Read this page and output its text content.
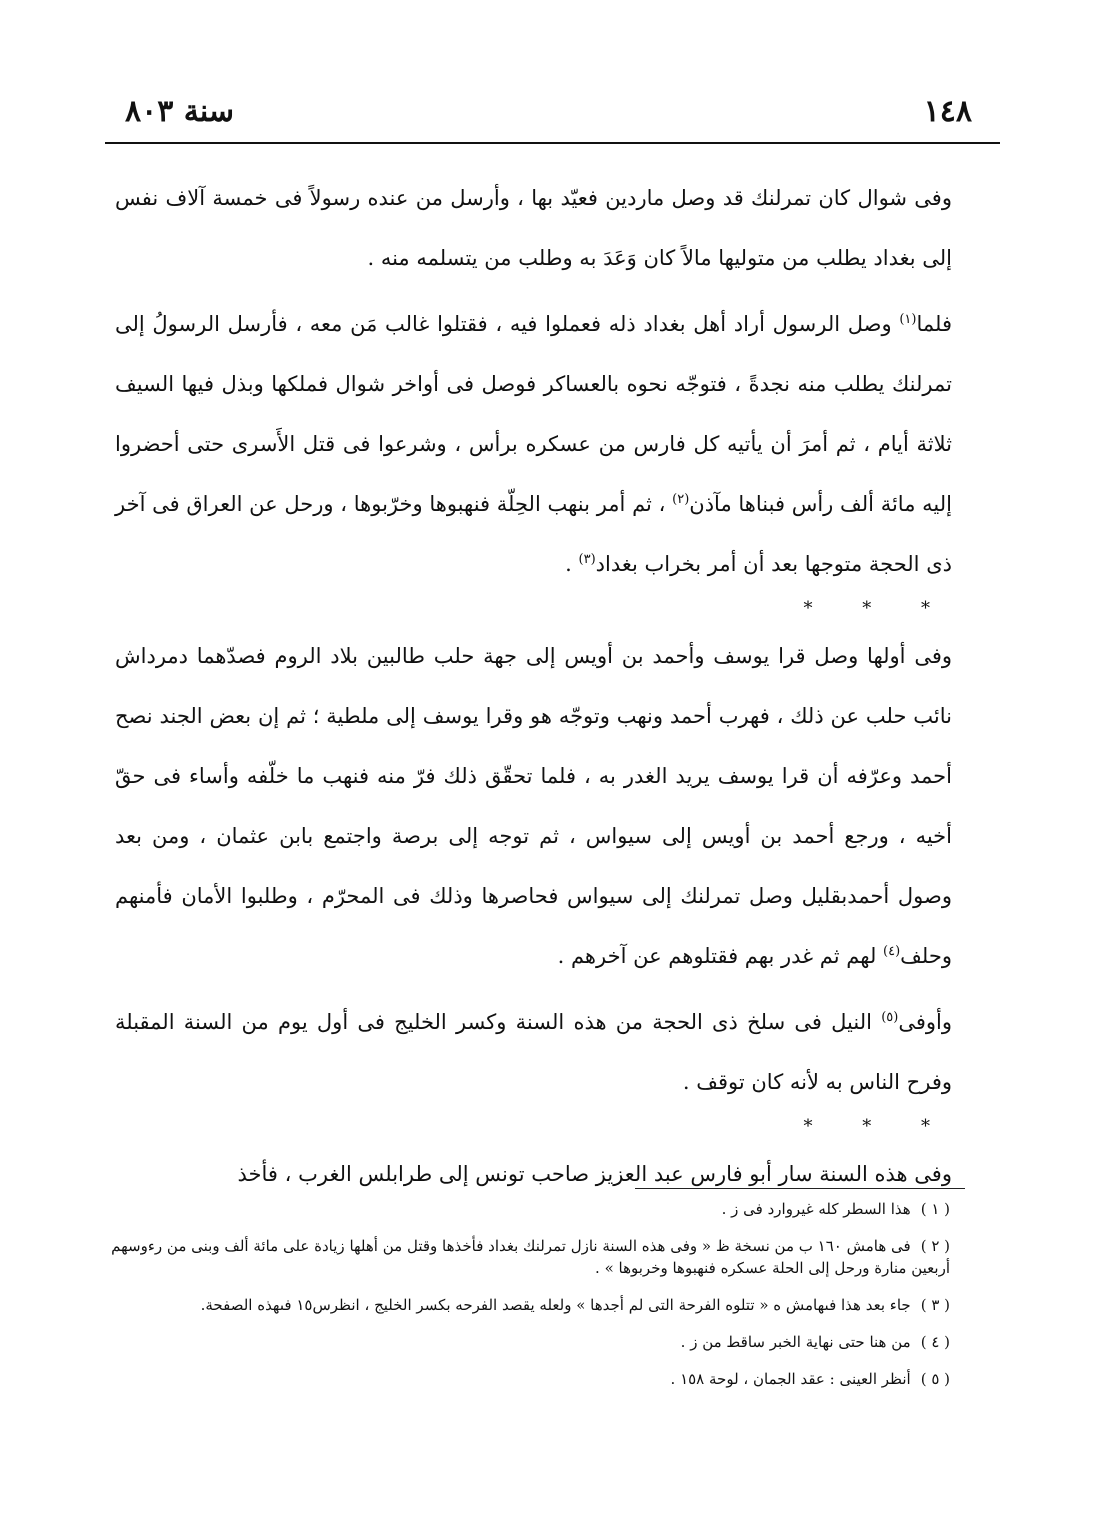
١٤٨
سنة ٨٠٣

وفى شوال كان تمرلنك قد وصل ماردين فعيّد بها ، وأرسل من عنده رسولاً فى خمسة آلاف نفس إلى بغداد يطلب من متوليها مالاً كان وَعَدَ به وطلب من يتسلمه منه .

فلما$^{(١)}$ وصل الرسول أراد أهل بغداد ذله فعملوا فيه ، فقتلوا غالب مَن معه ، فأرسل الرسولُ إلى تمرلنك يطلب منه نجدةً ، فتوجّه نحوه بالعساكر فوصل فى أواخر شوال فملكها وبذل فيها السيف ثلاثة أيام ، ثم أمرَ أن يأتيه كل فارس من عسكره برأس ، وشرعوا فى قتل الأَسرى حتى أحضروا إليه مائة ألف رأس فبناها مآذن$^{(٢)}$ ، ثم أمر بنهب الحِلّة فنهبوها وخرّبوها ، ورحل عن العراق فى آخر ذى الحجة متوجها بعد أن أمر بخراب بغداد$^{(٣)}$ .

* * *

وفى أولها وصل قرا يوسف وأحمد بن أويس إلى جهة حلب طالبين بلاد الروم فصدّهما دمرداش نائب حلب عن ذلك ، فهرب أحمد ونهب وتوجّه هو وقرا يوسف إلى ملطية ؛ ثم إن بعض الجند نصح أحمد وعرّفه أن قرا يوسف يريد الغدر به ، فلما تحقّق ذلك فرّ منه فنهب ما خلّفه وأساء فى حقّ أخيه ، ورجع أحمد بن أويس إلى سيواس ، ثم توجه إلى برصة واجتمع بابن عثمان ، ومن بعد وصول أحمدبقليل وصل تمرلنك إلى سيواس فحاصرها وذلك فى المحرّم ، وطلبوا الأمان فأمنهم وحلف$^{(٤)}$ لهم ثم غدر بهم فقتلوهم عن آخرهم .

وأوفى$^{(٥)}$ النيل فى سلخ ذى الحجة من هذه السنة وكسر الخليج فى أول يوم من السنة المقبلة وفرح الناس به لأنه كان توقف .

* * *

وفى هذه السنة سار أبو فارس عبد العزيز صاحب تونس إلى طرابلس الغرب ، فأخذ

( ١ )هذا السطر كله غيروارد فى ز .
( ٢ )فى هامش ١٦٠ ب من نسخة ظ « وفى هذه السنة نازل تمرلنك بغداد فأخذها وقتل من أهلها زيادة على مائة ألف وبنى من رءوسهم أربعين منارة ورحل إلى الحلة عسكره فنهبوها وخربوها » .
( ٣ )جاء بعد هذا فىهامش ه « تتلوه الفرحة التى لم أجدها » ولعله يقصد الفرحه بكسر الخليج ، انظرس١٥ فىهذه الصفحة.
( ٤ )من هنا حتى نهاية الخبر ساقط من ز .
( ٥ )أنظر العينى : عقد الجمان ، لوحة ١٥٨ .
